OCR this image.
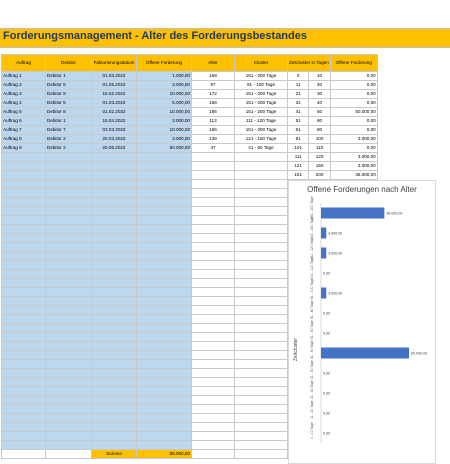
Forderungsmanagement - Alter des Forderungsbestandes
Auftrag	Debitor	Fakturierungsdatum	Offene Forderung	Alter	Cluster
Auftrag 1	Debitor 1	01.03.2022	1.000,00	159	151 - 200 Tage
Auftrag 2	Debitor 5	01.05.2022	3.000,00	97	91 - 100 Tage
Auftrag 3	Debitor 9	15.02.2022	10.000,00	172	151 - 200 Tage
Auftrag 4	Debitor 5	01.03.2022	5.000,00	158	151 - 200 Tage
Auftrag 5	Debitor 8	01.02.2022	10.000,00	186	151 - 200 Tage
Auftrag 6	Debitor 1	15.04.2022	3.000,00	113	111 - 120 Tage
Auftrag 7	Debitor 7	03.03.2022	10.000,00	156	151 - 200 Tage
Auftrag 8	Debitor 2	20.03.2022	3.000,00	139	121 - 150 Tage
Auftrag 9	Debitor 2	20.06.2022	50.000,00	47	41 - 50 Tage

		Summe	85.000,00		
Zeitcluster in Tagen		Offene Forderung
0	10	0,00
11	20	0,00
21	30	0,00
31	40	0,00
41	50	50.000,00
51	60	0,00
61	80	0,00
81	100	3.000,00
101	110	0,00
111	120	3.000,00
121	150	3.000,00
151	200	36.000,00

Offene Forderungen nach Alter
Zeitcluster
151 - 200 Tage	36.000,00
121 - 150 Tage	3.000,00
111 - 120 Tage	3.000,00
101 - 110 Tage	0,00
81 - 100 Tage	3.000,00
61 - 80 Tage	0,00
51 - 60 Tage	0,00
41 - 50 Tage	50.000,00
31 - 40 Tage	0,00
21 - 30 Tage	0,00
11 - 20 Tage	0,00
0 - 10 Tage	0,00
